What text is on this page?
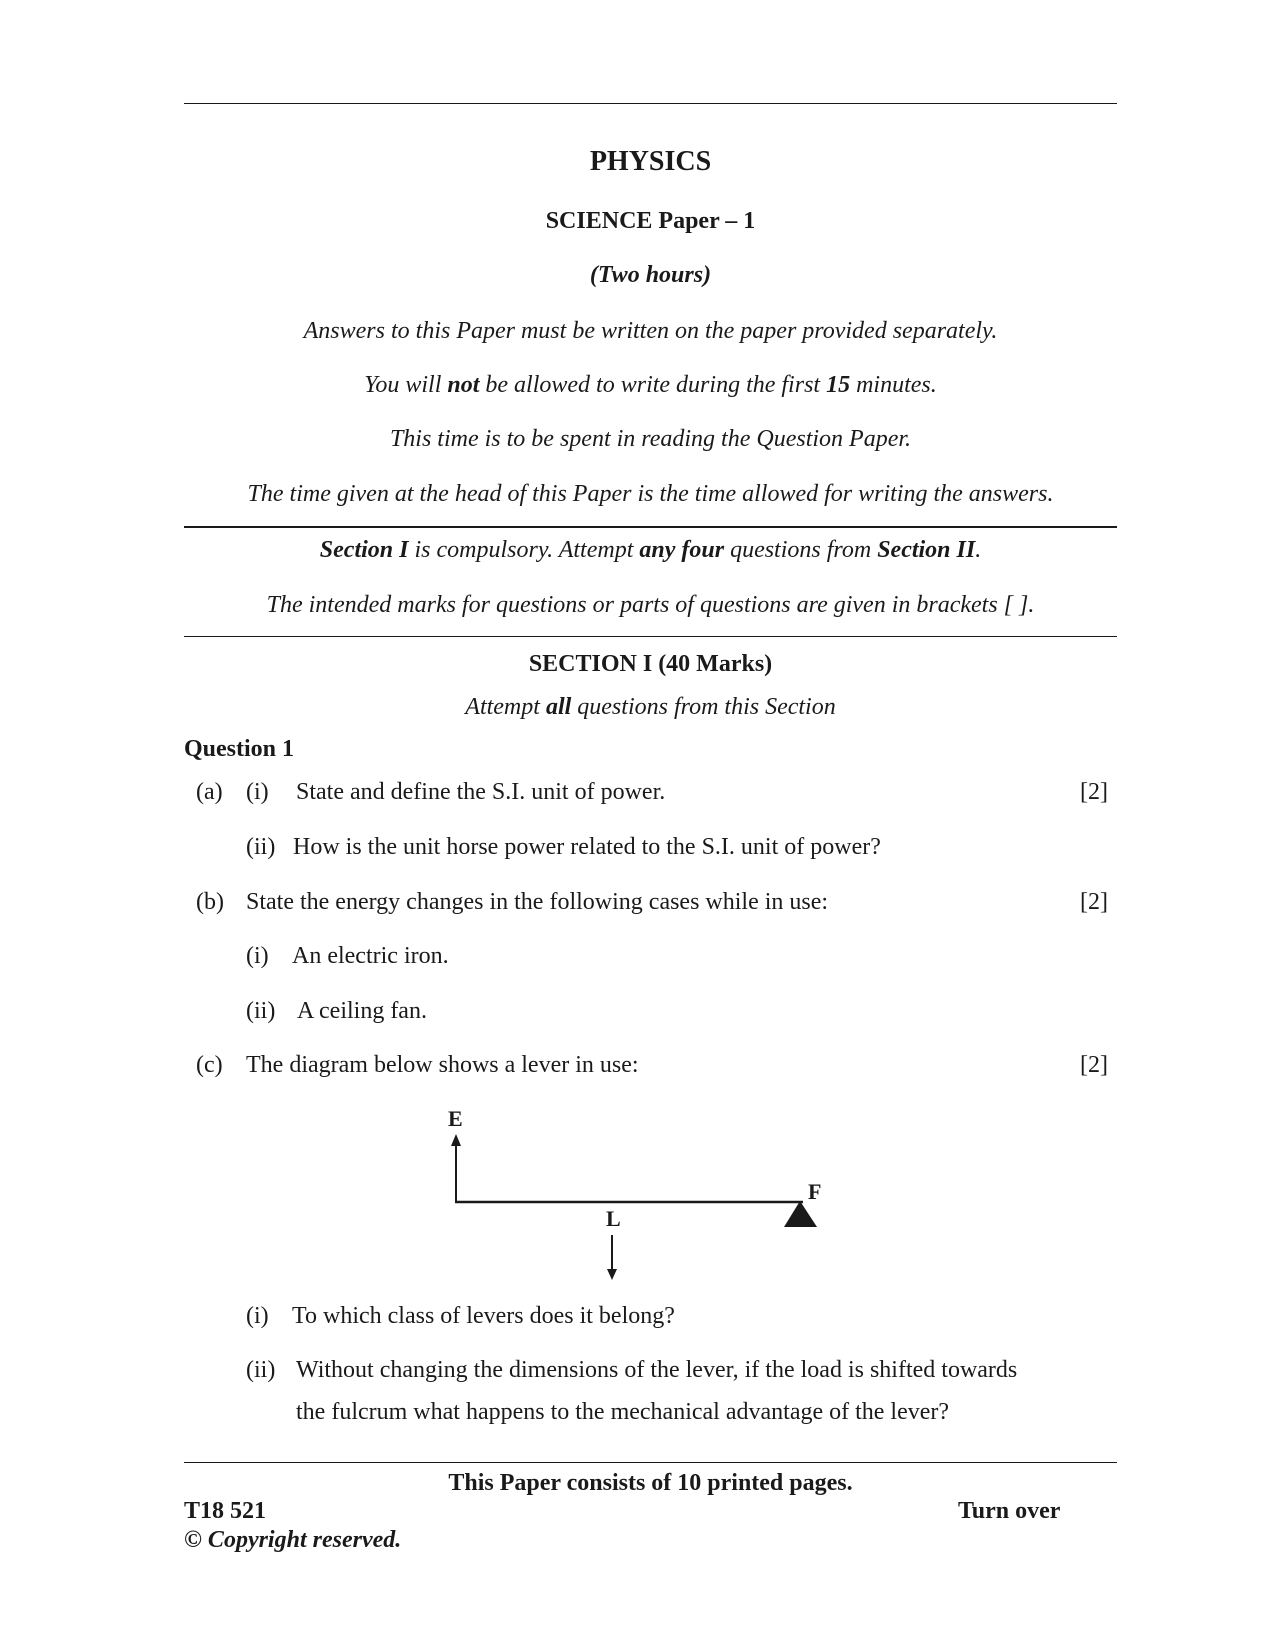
PHYSICS
SCIENCE Paper – 1
(Two hours)
Answers to this Paper must be written on the paper provided separately.
You will not be allowed to write during the first 15 minutes.
This time is to be spent in reading the Question Paper.
The time given at the head of this Paper is the time allowed for writing the answers.
Section I is compulsory. Attempt any four questions from Section II.
The intended marks for questions or parts of questions are given in brackets [ ].
SECTION I (40 Marks)
Attempt all questions from this Section
Question 1
(a) (i) State and define the S.I. unit of power.	[2]
(ii) How is the unit horse power related to the S.I. unit of power?
(b) State the energy changes in the following cases while in use:	[2]
(i) An electric iron.
(ii) A ceiling fan.
(c) The diagram below shows a lever in use:	[2]
E
F
L
(i) To which class of levers does it belong?
(ii) Without changing the dimensions of the lever, if the load is shifted towards
the fulcrum what happens to the mechanical advantage of the lever?
This Paper consists of 10 printed pages.
T18 521	Turn over
© Copyright reserved.
